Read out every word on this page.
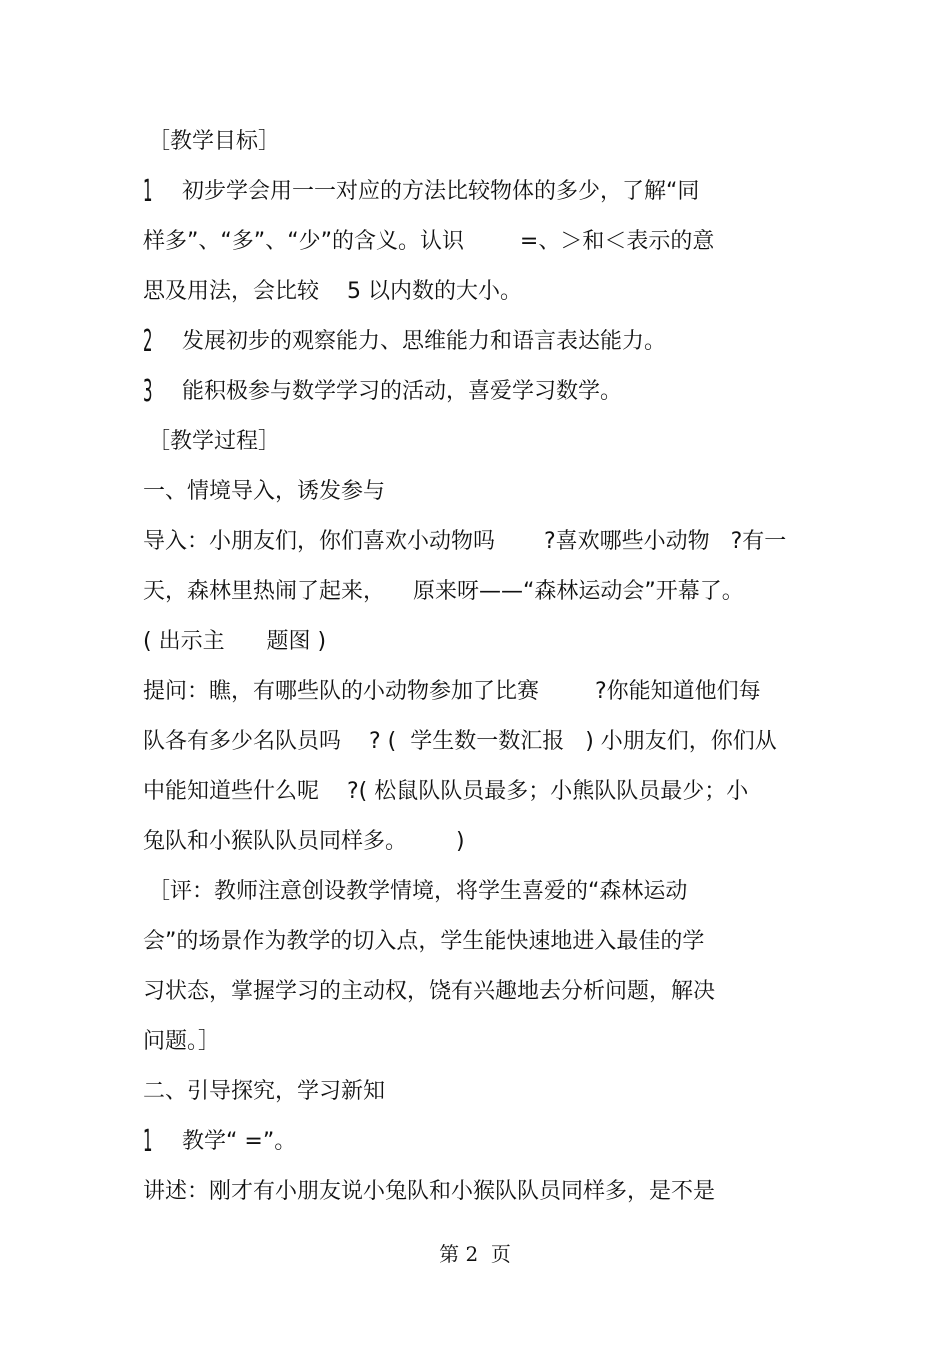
［教学目标］
1 初步学会用一一对应的方法比较物体的多少，了解“同
样多”、“多”、“少”的含义。认识        =、＞和＜表示的意
思及用法，会比较    5 以内数的大小。
2 发展初步的观察能力、思维能力和语言表达能力。
3 能积极参与数学学习的活动，喜爱学习数学。
［教学过程］
一、情境导入，诱发参与
导入：小朋友们，你们喜欢小动物吗       ?喜欢哪些小动物   ?有一
天，森林里热闹了起来，    原来呀——“森林运动会”开幕了。
( 出示主      题图 )
提问：瞧，有哪些队的小动物参加了比赛        ?你能知道他们每
队各有多少名队员吗    ? (  学生数一数汇报   ) 小朋友们，你们从
中能知道些什么呢    ?( 松鼠队队员最多；小熊队队员最少；小
兔队和小猴队队员同样多。       )
［评：教师注意创设教学情境，将学生喜爱的“森林运动
会”的场景作为教学的切入点，学生能快速地进入最佳的学
习状态，掌握学习的主动权，饶有兴趣地去分析问题，解决
问题。］
二、引导探究，学习新知
1 教学“ =”。
讲述：刚才有小朋友说小兔队和小猴队队员同样多，是不是
第 2  页
